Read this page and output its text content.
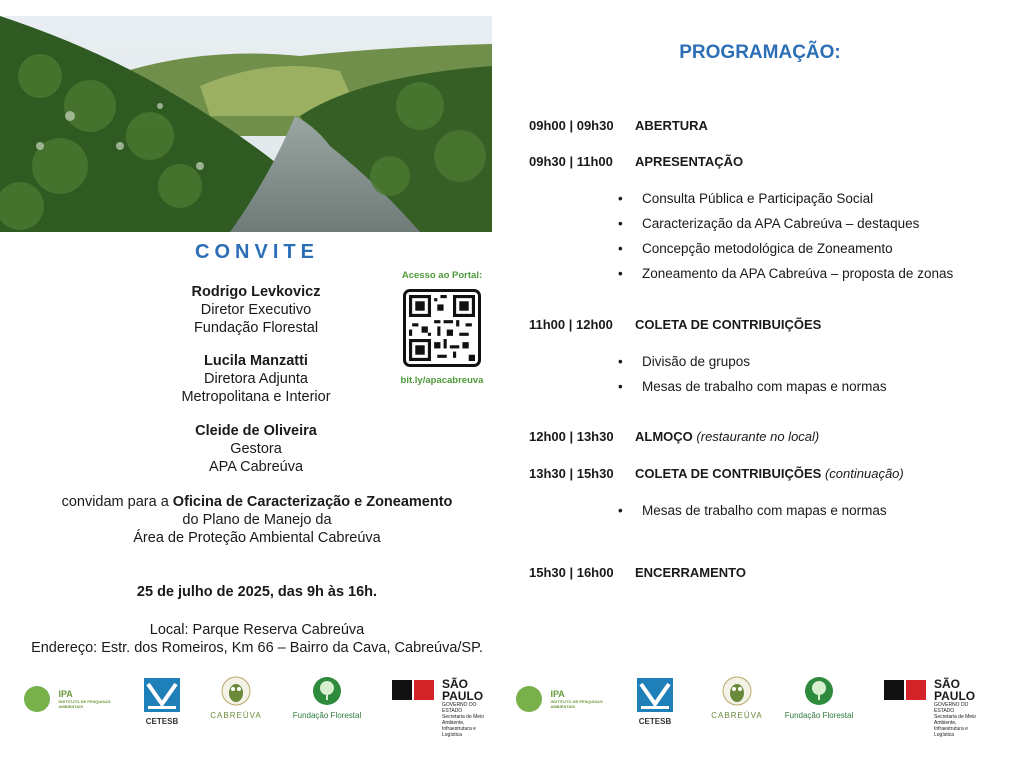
CONVITE
Rodrigo Levkovicz
Diretor Executivo
Fundação Florestal
Lucila Manzatti
Diretora Adjunta
Metropolitana e Interior
Cleide de Oliveira
Gestora
APA Cabreúva
Acesso ao Portal:
bit.ly/apacabreuva
convidam para a Oficina de Caracterização e Zoneamento
do Plano de Manejo da
Área de Proteção Ambiental Cabreúva
25 de julho de 2025, das 9h às 16h.
Local: Parque Reserva Cabreúva
Endereço: Estr. dos Romeiros, Km 66 – Bairro da Cava, Cabreúva/SP.
PROGRAMAÇÃO:
09h00 | 09h30 ABERTURA
09h30 | 11h00 APRESENTAÇÃO
• Consulta Pública e Participação Social
• Caracterização da APA Cabreúva – destaques
• Concepção metodológica de Zoneamento
• Zoneamento da APA Cabreúva – proposta de zonas
11h00 | 12h00 COLETA DE CONTRIBUIÇÕES
• Divisão de grupos
• Mesas de trabalho com mapas e normas
12h00 | 13h30 ALMOÇO (restaurante no local)
13h30 | 15h30 COLETA DE CONTRIBUIÇÕES (continuação)
• Mesas de trabalho com mapas e normas
15h30 | 16h00 ENCERRAMENTO

IPA
INSTITUTO DE PESQUISAS AMBIENTAIS
CETESB
CABREÚVA	Fundação Florestal
SÃO
PAULO
GOVERNO DO ESTADO
Secretaria de Meio Ambiente, Infraestrutura e Logística

IPA
INSTITUTO DE PESQUISAS AMBIENTAIS
CETESB
CABREÚVA	Fundação Florestal
SÃO
PAULO
GOVERNO DO ESTADO
Secretaria de Meio Ambiente, Infraestrutura e Logística
